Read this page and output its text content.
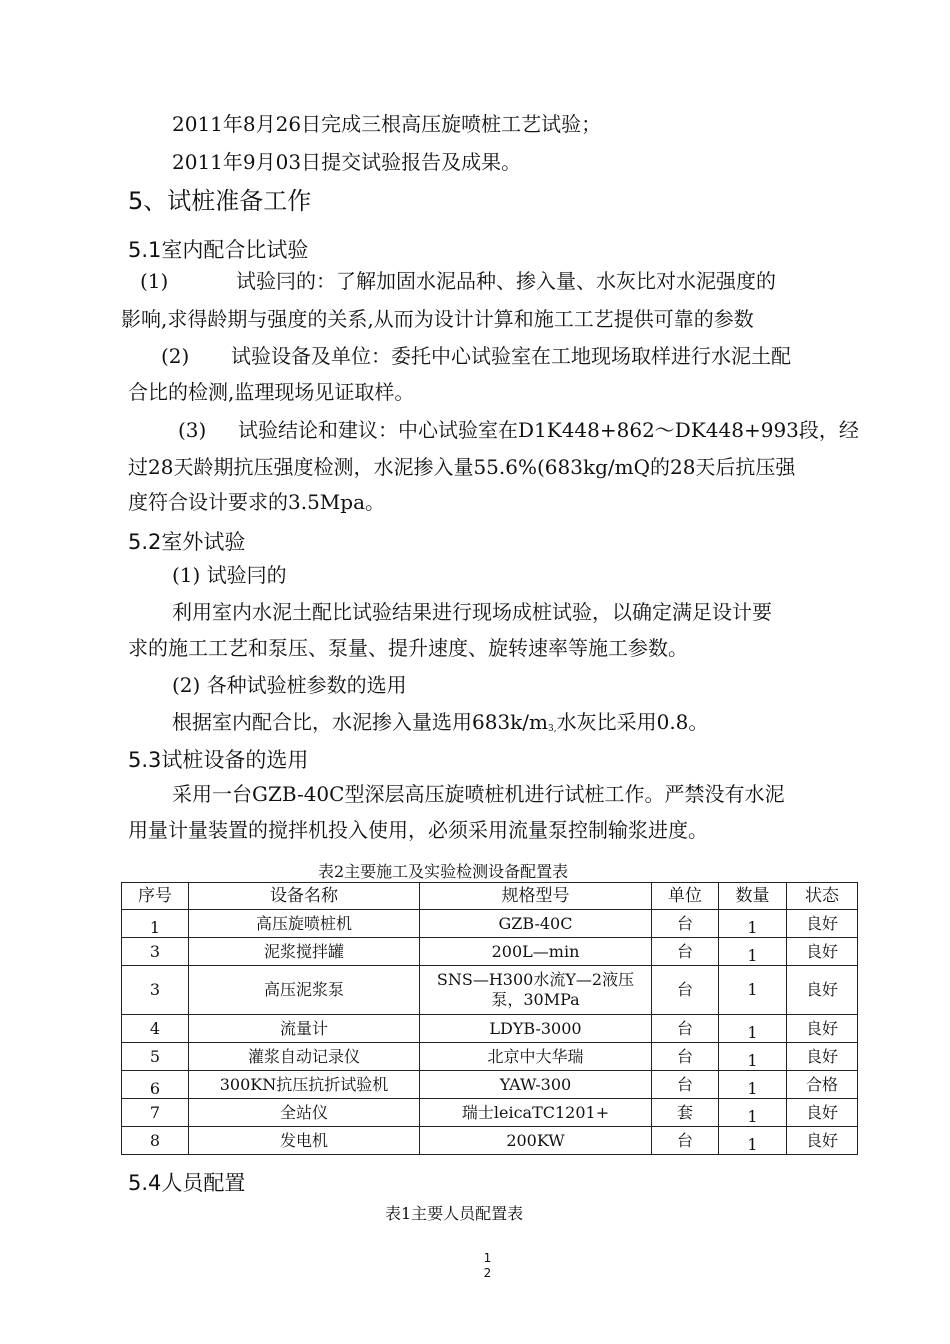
2011年8月26日完成三根高压旋喷桩工艺试验；
2011年9月03日提交试验报告及成果。
5、试桩准备工作
5.1室内配合比试验
(1)	试验冃的：了解加固水泥品种、掺入量、水灰比对水泥强度的
影响,求得龄期与强度的关系,从而为设计计算和施工工艺提供可靠的参数
(2) 试验设备及单位：委托中心试验室在工地现场取样进行水泥土配
合比的检测,监理现场见证取样。
(3) 试验结论和建议：中心试验室在D1K448+862〜DK448+993段，经
过28天龄期抗压强度检测，水泥掺入量55.6%(683kg/mQ的28天后抗压强
度符合设计要求的3.5Mpa。
5.2室外试验
(1) 试验冃的
利用室内水泥土配比试验结果进行现场成桩试验，以确定满足设计要
求的施工工艺和泵压、泵量、提升速度、旋转速率等施工参数。
(2) 各种试验桩参数的选用
根据室内配合比，水泥掺入量选用683k/m3,水灰比采用0.8。
5.3试桩设备的选用
采用一台GZB-40C型深层高压旋喷桩机进行试桩工作。严禁没有水泥
用量计量装置的搅拌机投入使用，必须采用流量泵控制输浆进度。
表2主要施工及实验检测设备配置表
序号	设备名称	规格型号	单位	数量	状态
1	高压旋喷桩机	GZB-40C	台	1	良好
3	泥浆搅拌罐	200L—min	台	1	良好
3	高压泥浆泵	SNS—H300水流Y—2液压
泵，30MPa	台	1	良好
4	流量计	LDYB-3000	台	1	良好
5	灌浆自动记录仪	北京中大华瑞	台	1	良好
6	300KN抗压抗折试验机	YAW-300	台	1	合格
7	全站仪	瑞士leicaTC1201+	套	1	良好
8	发电机	200KW	台	1	良好
5.4人员配置
表1主要人员配置表
1
2
